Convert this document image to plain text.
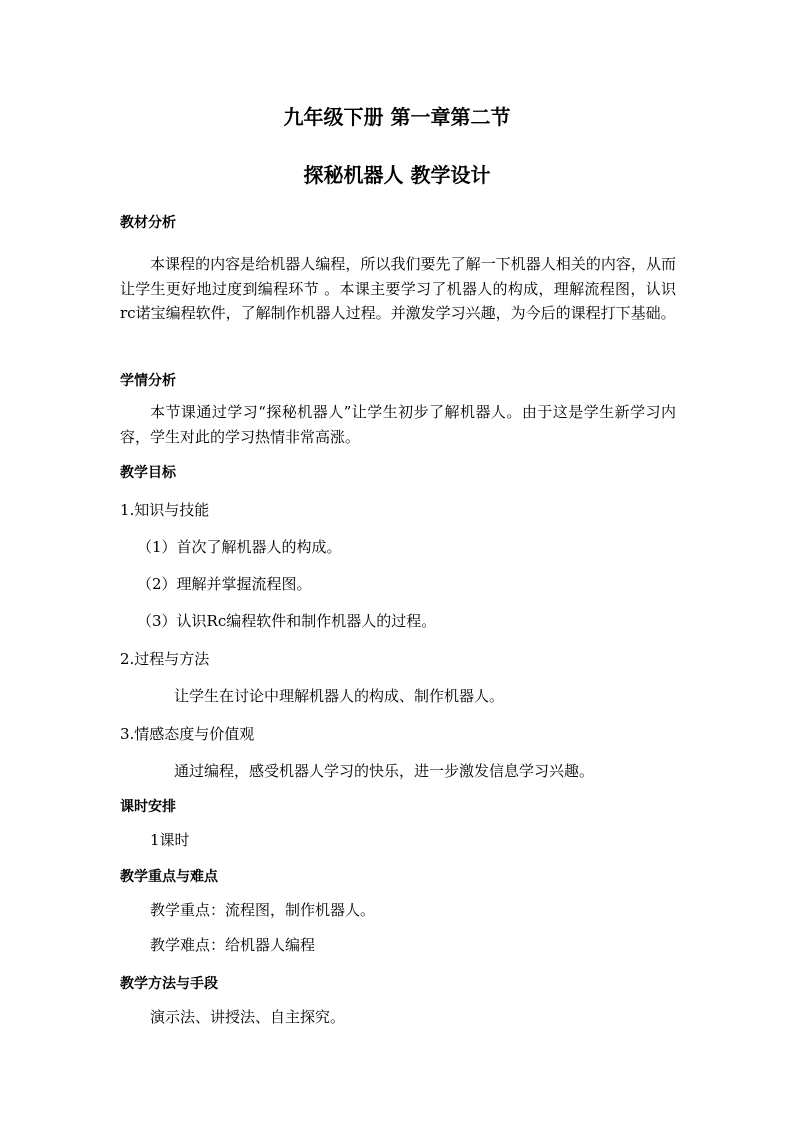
九年级下册 第一章第二节
探秘机器人 教学设计
教材分析
本课程的内容是给机器人编程，所以我们要先了解一下机器人相关的内容，从而让学生更好地过度到编程环节 。本课主要学习了机器人的构成，理解流程图，认识rc诺宝编程软件，了解制作机器人过程。并激发学习兴趣，为今后的课程打下基础。
学情分析
本节课通过学习“探秘机器人”让学生初步了解机器人。由于这是学生新学习内容，学生对此的学习热情非常高涨。
教学目标
1.知识与技能
（1）首次了解机器人的构成。
（2）理解并掌握流程图。
（3）认识Rc编程软件和制作机器人的过程。
2.过程与方法
让学生在讨论中理解机器人的构成、制作机器人。
3.情感态度与价值观
通过编程，感受机器人学习的快乐，进一步激发信息学习兴趣。
课时安排
1课时
教学重点与难点
教学重点：流程图，制作机器人。
教学难点：给机器人编程
教学方法与手段
演示法、讲授法、自主探究。
